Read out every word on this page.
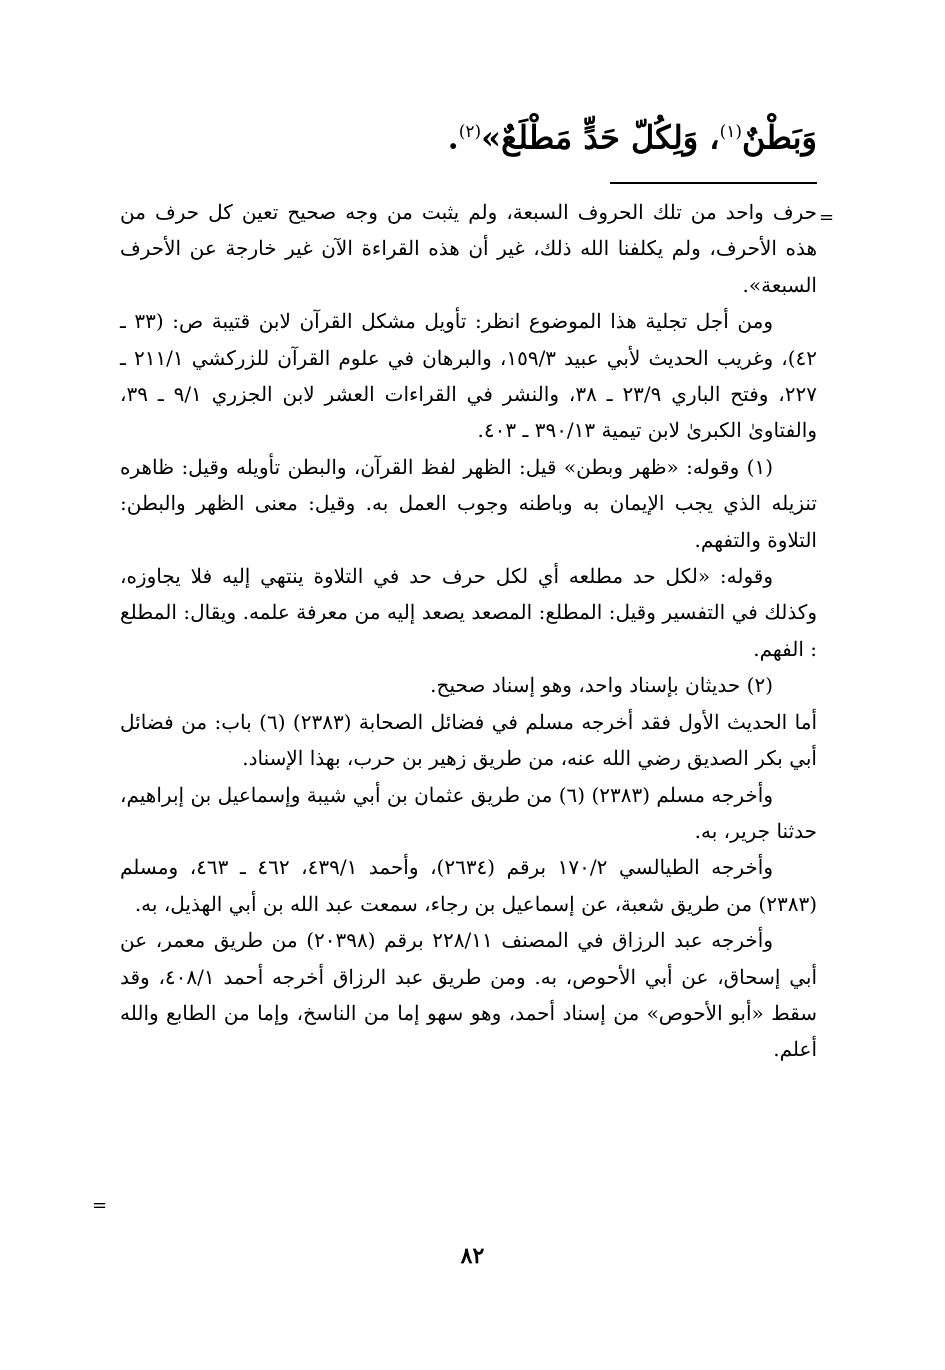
وَبَطْنٌ$^{(١)}$، وَلِكُلّ حَدٍّ مَطْلَعٌ»$^{(٢)}$.
=

حرف واحد من تلك الحروف السبعة، ولم يثبت من وجه صحيح تعين كل حرف من هذه الأحرف، ولم يكلفنا الله ذلك، غير أن هذه القراءة الآن غير خارجة عن الأحرف السبعة».

ومن أجل تجلية هذا الموضوع انظر: تأويل مشكل القرآن لابن قتيبة ص: (٣٣ ـ ٤٢)، وغريب الحديث لأبي عبيد ١٥٩/٣، والبرهان في علوم القرآن للزركشي ٢١١/١ ـ ٢٢٧، وفتح الباري ٢٣/٩ ـ ٣٨، والنشر في القراءات العشر لابن الجزري ٩/١ ـ ٣٩، والفتاوىٰ الكبرىٰ لابن تيمية ٣٩٠/١٣ ـ ٤٠٣.

(١) وقوله: «ظهر وبطن» قيل: الظهر لفظ القرآن، والبطن تأويله وقيل: ظاهره تنزيله الذي يجب الإيمان به وباطنه وجوب العمل به. وقيل: معنى الظهر والبطن: التلاوة والتفهم.

وقوله: «لكل حد مطلعه أي لكل حرف حد في التلاوة ينتهي إليه فلا يجاوزه، وكذلك في التفسير وقيل: المطلع: المصعد يصعد إليه من معرفة علمه. ويقال: المطلع : الفهم.

(٢) حديثان بإسناد واحد، وهو إسناد صحيح.

أما الحديث الأول فقد أخرجه مسلم في فضائل الصحابة (٢٣٨٣) (٦) باب: من فضائل أبي بكر الصديق رضي الله عنه، من طريق زهير بن حرب، بهذا الإسناد.

وأخرجه مسلم (٢٣٨٣) (٦) من طريق عثمان بن أبي شيبة وإسماعيل بن إبراهيم، حدثنا جرير، به.

وأخرجه الطيالسي ١٧٠/٢ برقم (٢٦٣٤)، وأحمد ٤٣٩/١، ٤٦٢ ـ ٤٦٣، ومسلم (٢٣٨٣) من طريق شعبة، عن إسماعيل بن رجاء، سمعت عبد الله بن أبي الهذيل، به.

وأخرجه عبد الرزاق في المصنف ٢٢٨/١١ برقم (٢٠٣٩٨) من طريق معمر، عن أبي إسحاق، عن أبي الأحوص، به. ومن طريق عبد الرزاق أخرجه أحمد ٤٠٨/١، وقد سقط «أبو الأحوص» من إسناد أحمد، وهو سهو إما من الناسخ، وإما من الطابع والله أعلم.

=
٨٢
